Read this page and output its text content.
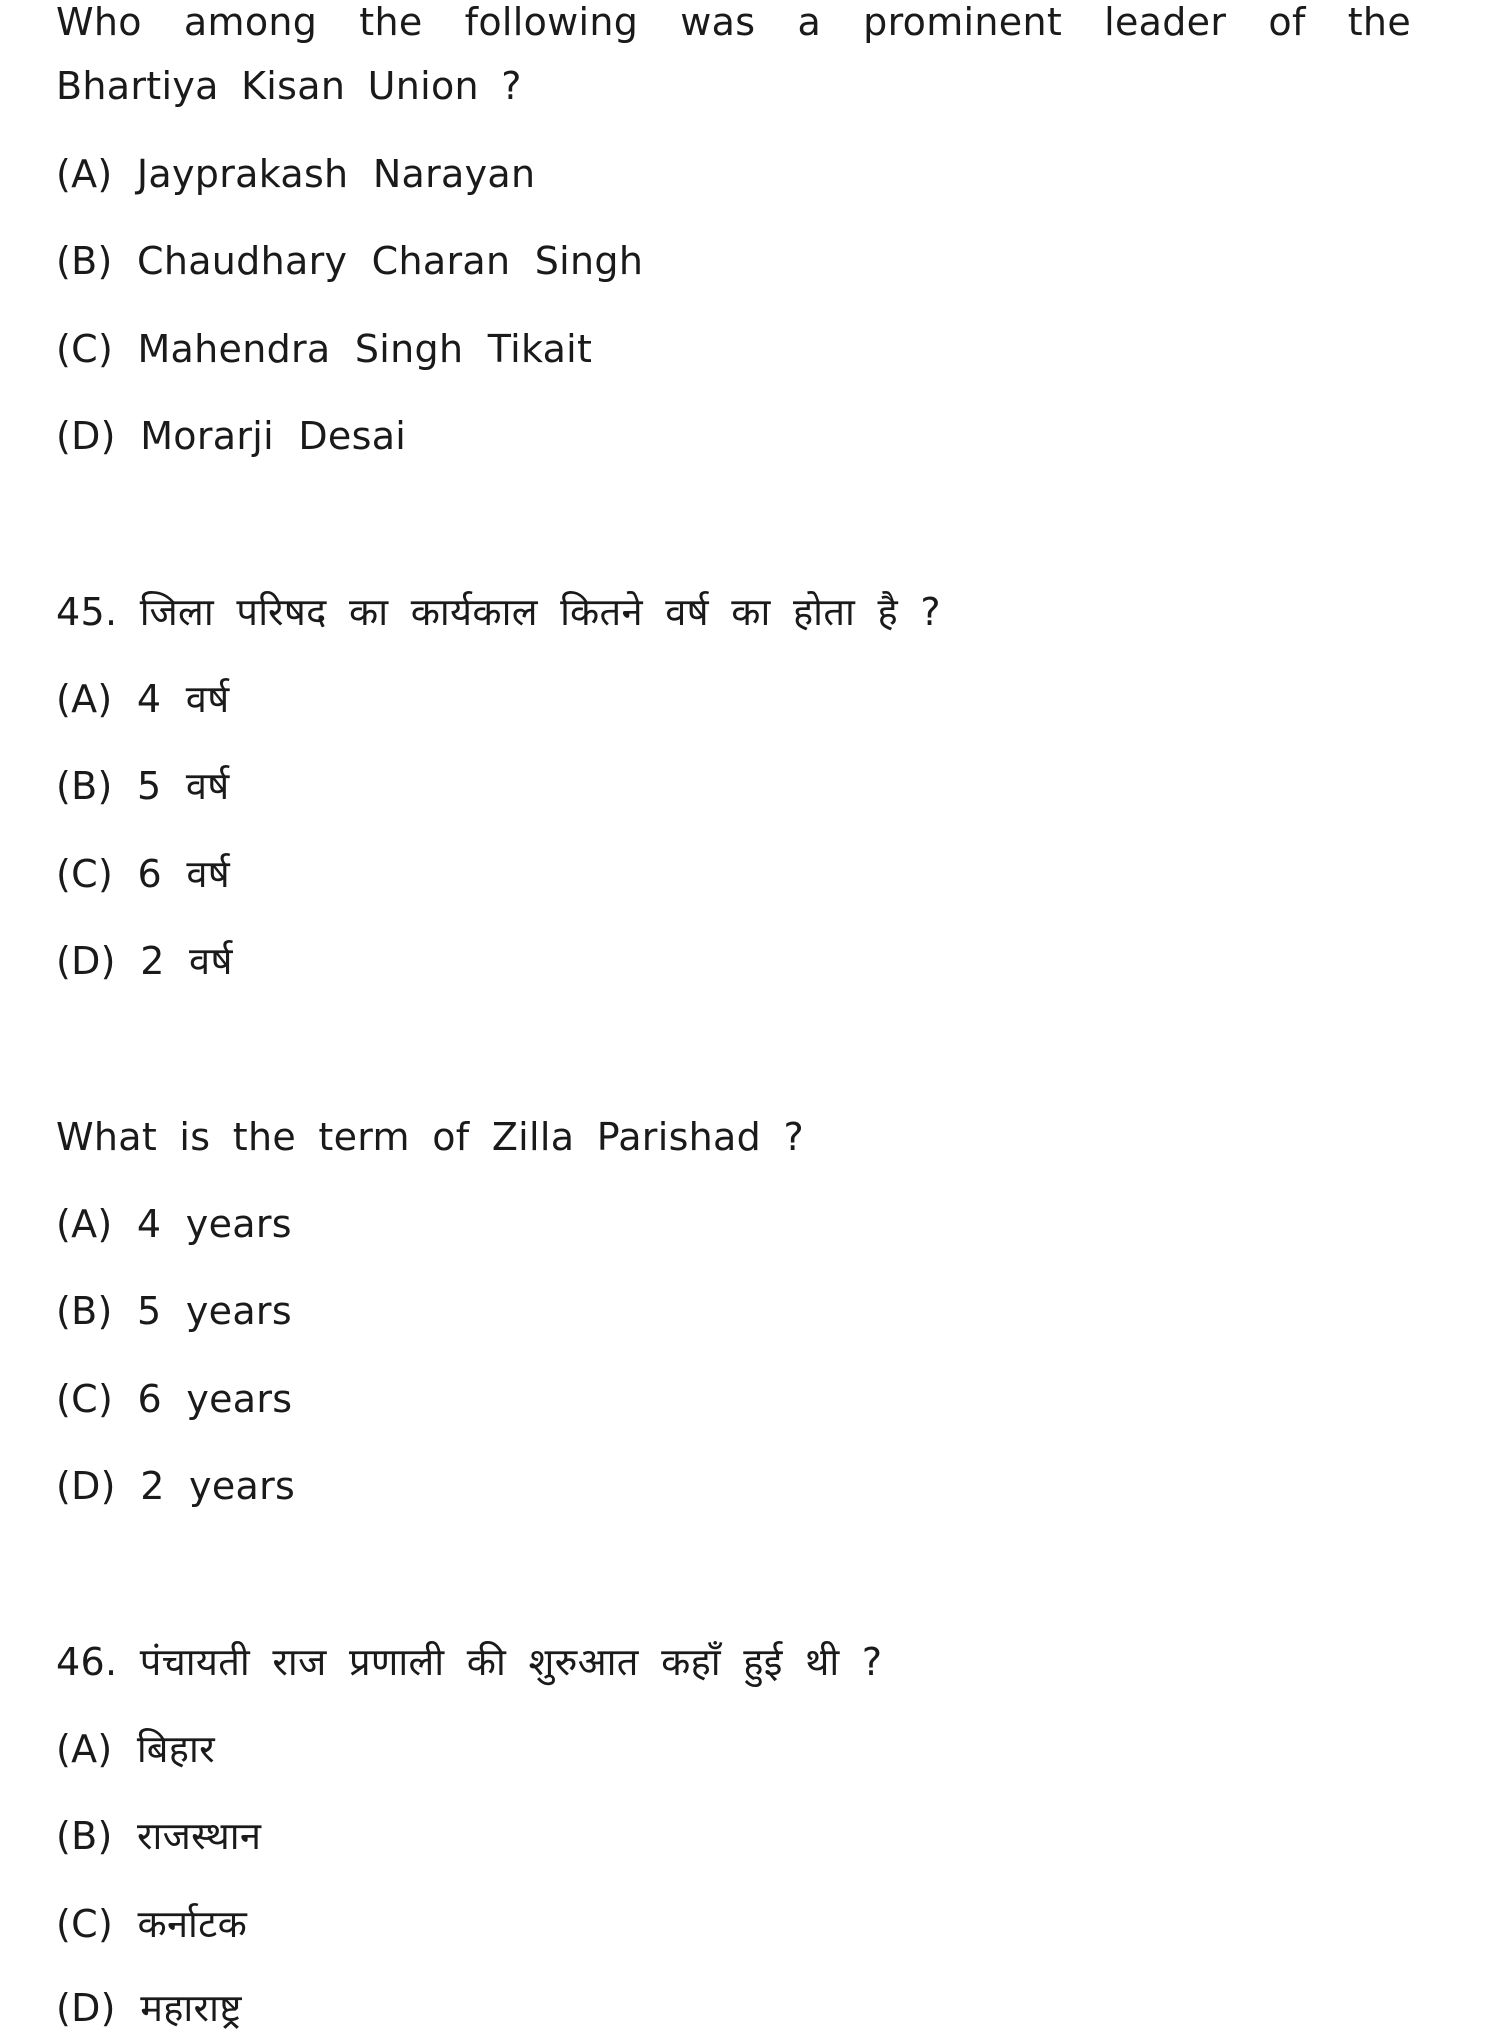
Who among the following was a prominent leader of the Bhartiya Kisan Union ?

(A) Jayprakash Narayan

(B) Chaudhary Charan Singh

(C) Mahendra Singh Tikait

(D) Morarji Desai

45. जिला परिषद का कार्यकाल कितने वर्ष का होता है ?

(A) 4 वर्ष

(B) 5 वर्ष

(C) 6 वर्ष

(D) 2 वर्ष

What is the term of Zilla Parishad ?

(A) 4 years

(B) 5 years

(C) 6 years

(D) 2 years

46. पंचायती राज प्रणाली की शुरुआत कहाँ हुई थी ?

(A) बिहार

(B) राजस्थान

(C) कर्नाटक

(D) महाराष्ट्र
